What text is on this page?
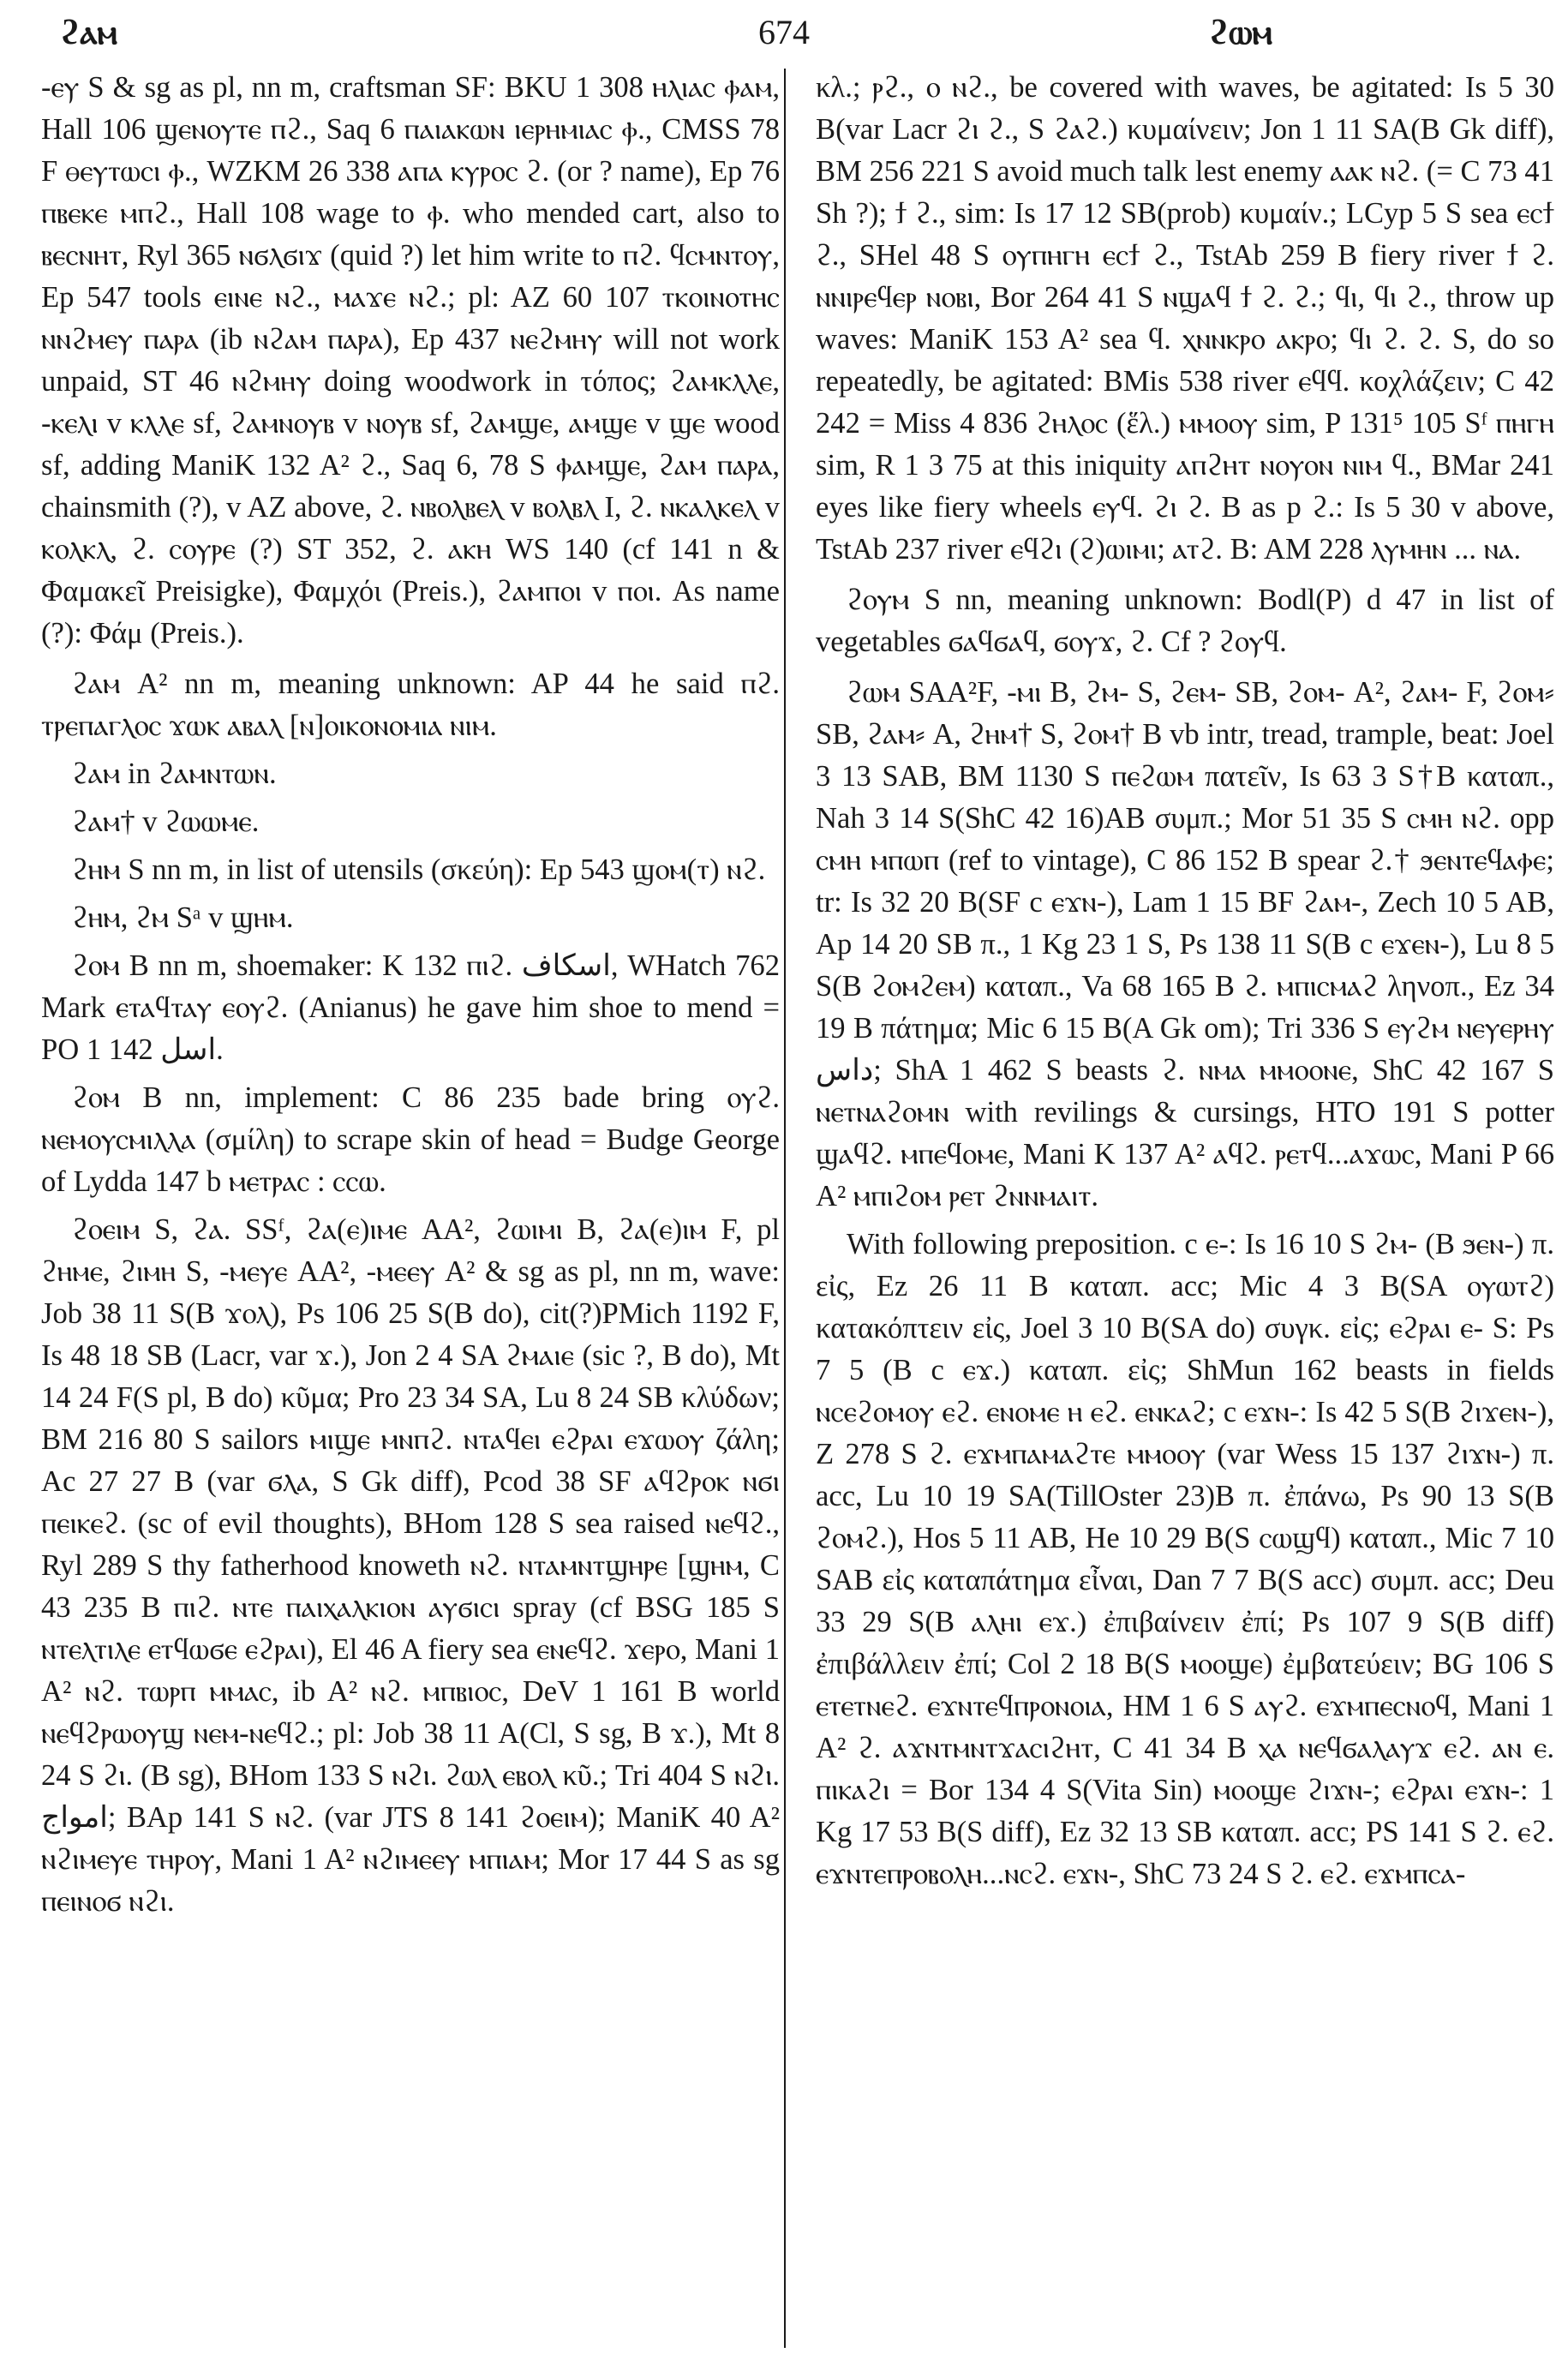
ϩⲁⲙ	674	ϩⲱⲙ

-ⲉⲩ S & sg as pl, nn m, craftsman SF: BKU 1 308 ⲏⲗⲓⲁⲥ ⲫⲁⲙ, Hall 106 ϣⲉⲛⲟⲩⲧⲉ ⲡϩ., Saq 6 ⲡⲁⲓⲁⲕⲱⲛ ⲓⲉⲣⲏⲙⲓⲁⲥ ⲫ., CMSS 78 F ⲑⲉⲩⲧⲱⲥⲓ ⲫ., WZKM 26 338 ⲁⲡⲁ ⲕⲩⲣⲟⲥ ϩ. (or ? name), Ep 76 ⲡⲃⲉⲕⲉ ⲙⲡϩ., Hall 108 wage to ⲫ. who mended cart, also to ⲃⲉⲥⲛⲏⲧ, Ryl 365 ⲛϭⲗϭⲓϫ (quid ?) let him write to ⲡϩ. ϥⲥⲙⲛⲧⲟⲩ, Ep 547 tools ⲉⲓⲛⲉ ⲛϩ., ⲙⲁϫⲉ ⲛϩ.; pl: AZ 60 107 ⲧⲕⲟⲓⲛⲟⲧⲏⲥ ⲛⲛϩⲙⲉⲩ ⲡⲁⲣⲁ (ib ⲛϩⲁⲙ ⲡⲁⲣⲁ), Ep 437 ⲛⲉϩⲙⲏⲩ will not work unpaid, ST 46 ⲛϩⲙⲏⲩ doing woodwork in τόπος; ϩⲁⲙⲕⲗⲗⲉ, -ⲕⲉⲗⲓ v ⲕⲗⲗⲉ sf, ϩⲁⲙⲛⲟⲩⲃ v ⲛⲟⲩⲃ sf, ϩⲁⲙϣⲉ, ⲁⲙϣⲉ v ϣⲉ wood sf, adding ManiK 132 A² ϩ., Saq 6, 78 S ⲫⲁⲙϣⲉ, ϩⲁⲙ ⲡⲁⲣⲁ, chainsmith (?), v AZ above, ϩ. ⲛⲃⲟⲗⲃⲉⲗ v ⲃⲟⲗⲃⲗ I, ϩ. ⲛⲕⲁⲗⲕⲉⲗ v ⲕⲟⲗⲕⲗ, ϩ. ⲥⲟⲩⲣⲉ (?) ST 352, ϩ. ⲁⲕⲏ WS 140 (cf 141 n & Φαμακεῖ Preisigke), Φαμχόι (Preis.), ϩⲁⲙⲡⲟⲓ v ⲡⲟⲓ. As name (?): Φάμ (Preis.).

ϩⲁⲙ A² nn m, meaning unknown: AP 44 he said ⲡϩ. ⲧⲣⲉⲡⲁⲅⲗⲟⲥ ϫⲱⲕ ⲁⲃⲁⲗ [ⲛ]ⲟⲓⲕⲟⲛⲟⲙⲓⲁ ⲛⲓⲙ.

ϩⲁⲙ in ϩⲁⲙⲛⲧⲱⲛ.

ϩⲁⲙ† v ϩⲱⲱⲙⲉ.

ϩⲏⲙ S nn m, in list of utensils (σκεύη): Ep 543 ϣⲟⲙ(ⲧ) ⲛϩ.

ϩⲏⲙ, ϩⲙ Sᵃ v ϣⲏⲙ.

ϩⲟⲙ B nn m, shoemaker: K 132 ⲡⲓϩ. اسكاف, WHatch 762 Mark ⲉⲧⲁϥⲧⲁⲩ ⲉⲟⲩϩ. (Anianus) he gave him shoe to mend = PO 1 142 اسل.

ϩⲟⲙ B nn, implement: C 86 235 bade bring ⲟⲩϩ. ⲛⲉⲙⲟⲩⲥⲙⲓⲗⲗⲁ (σμίλη) to scrape skin of head = Budge George of Lydda 147 b ⲙⲉⲧⲣⲁⲥ : ⲥⲥⲱ.

ϩⲟⲉⲓⲙ S, ϩⲁ. SSᶠ, ϩⲁ(ⲉ)ⲓⲙⲉ AA², ϩⲱⲓⲙⲓ B, ϩⲁ(ⲉ)ⲓⲙ F, pl ϩⲏⲙⲉ, ϩⲓⲙⲏ S, -ⲙⲉⲩⲉ AA², -ⲙⲉⲉⲩ A² & sg as pl, nn m, wave: Job 38 11 S(B ϫⲟⲗ), Ps 106 25 S(B do), cit(?)PMich 1192 F, Is 48 18 SB (Lacr, var ϫ.), Jon 2 4 SA ϩⲙⲁⲓⲉ (sic ?, B do), Mt 14 24 F(S pl, B do) κῦμα; Pro 23 34 SA, Lu 8 24 SB κλύδων; BM 216 80 S sailors ⲙⲓϣⲉ ⲙⲛⲡϩ. ⲛⲧⲁϥⲉⲓ ⲉϩⲣⲁⲓ ⲉϫⲱⲟⲩ ζάλη; Ac 27 27 B (var ϭⲗⲁ, S Gk diff), Pcod 38 SF ⲁϥϩⲣⲟⲕ ⲛϭⲓ ⲡⲉⲓⲕⲉϩ. (sc of evil thoughts), BHom 128 S sea raised ⲛⲉϥϩ., Ryl 289 S thy fatherhood knoweth ⲛϩ. ⲛⲧⲁⲙⲛⲧϣⲏⲣⲉ [ϣⲏⲙ, C 43 235 B ⲡⲓϩ. ⲛⲧⲉ ⲡⲁⲓⲭⲁⲗⲕⲓⲟⲛ ⲁⲩϭⲓⲥⲓ spray (cf BSG 185 S ⲛⲧⲉⲗⲧⲓⲗⲉ ⲉⲧϥⲱϭⲉ ⲉϩⲣⲁⲓ), El 46 A fiery sea ⲉⲛⲉϥϩ. ϫⲉⲣⲟ, Mani 1 A² ⲛϩ. ⲧⲱⲣⲡ ⲙⲙⲁⲥ, ib A² ⲛϩ. ⲙⲡⲃⲓⲟⲥ, DeV 1 161 B world ⲛⲉϥϩⲣⲱⲟⲩϣ ⲛⲉⲙ-ⲛⲉϥϩ.; pl: Job 38 11 A(Cl, S sg, B ϫ.), Mt 8 24 S ϩⲓ. (B sg), BHom 133 S ⲛϩⲓ. ϩⲱⲗ ⲉⲃⲟⲗ κῦ.; Tri 404 S ⲛϩⲓ. امواج; BAp 141 S ⲛϩ. (var JTS 8 141 ϩⲟⲉⲓⲙ); ManiK 40 A² ⲛϩⲓⲙⲉⲩⲉ ⲧⲏⲣⲟⲩ, Mani 1 A² ⲛϩⲓⲙⲉⲉⲩ ⲙⲡⲓⲁⲙ; Mor 17 44 S as sg ⲡⲉⲓⲛⲟϭ ⲛϩⲓ.

κλ.; ⲣϩ., ⲟ ⲛϩ., be covered with waves, be agitated: Is 5 30 B(var Lacr ϩⲓ ϩ., S ϩⲁϩ.) κυμαίνειν; Jon 1 11 SA(B Gk diff), BM 256 221 S avoid much talk lest enemy ⲁⲁⲕ ⲛϩ. (= C 73 41 Sh ?); ϯ ϩ., sim: Is 17 12 SB(prob) κυμαίν.; LCyp 5 S sea ⲉⲥϯ ϩ., SHel 48 S ⲟⲩⲡⲏⲅⲏ ⲉⲥϯ ϩ., TstAb 259 B fiery river ϯ ϩ. ⲛⲛⲓⲣⲉϥⲉⲣ ⲛⲟⲃⲓ, Bor 264 41 S ⲛϣⲁϥ ϯ ϩ. ϩ.; ϥⲓ, ϥⲓ ϩ., throw up waves: ManiK 153 A² sea ϥ. ⲭⲛⲛⲕⲣⲟ ⲁⲕⲣⲟ; ϥⲓ ϩ. ϩ. S, do so repeatedly, be agitated: BMis 538 river ⲉϥϥ. κοχλάζειν; C 42 242 = Miss 4 836 ϩⲏⲗⲟⲥ (ἕλ.) ⲙⲙⲟⲟⲩ sim, P 131⁵ 105 Sᶠ ⲡⲏⲅⲏ sim, R 1 3 75 at this iniquity ⲁⲡϩⲏⲧ ⲛⲟⲩⲟⲛ ⲛⲓⲙ ϥ., BMar 241 eyes like fiery wheels ⲉⲩϥ. ϩⲓ ϩ. B as p ϩ.: Is 5 30 v above, TstAb 237 river ⲉϥϩⲓ (ϩ)ⲱⲓⲙⲓ; ⲁⲧϩ. B: AM 228 ⲗⲩⲙⲏⲛ ... ⲛⲁ.

ϩⲟⲩⲙ S nn, meaning unknown: Bodl(P) d 47 in list of vegetables ϭⲁϥϭⲁϥ, ϭⲟⲩϫ, ϩ. Cf ? ϩⲟⲩϥ.

ϩⲱⲙ SAA²F, -ⲙⲓ B, ϩⲙ- S, ϩⲉⲙ- SB, ϩⲟⲙ- A², ϩⲁⲙ- F, ϩⲟⲙ⸗ SB, ϩⲁⲙ⸗ A, ϩⲏⲙ† S, ϩⲟⲙ† B vb intr, tread, trample, beat: Joel 3 13 SAB, BM 1130 S ⲡⲉϩⲱⲙ πατεῖν, Is 63 3 S†B καταπ., Nah 3 14 S(ShC 42 16)AB συμπ.; Mor 51 35 S ⲥⲙⲏ ⲛϩ. opp ⲥⲙⲏ ⲙⲡⲱⲡ (ref to vintage), C 86 152 B spear ϩ.† ϧⲉⲛⲧⲉϥⲁⲫⲉ; tr: Is 32 20 B(SF c ⲉϫⲛ-), Lam 1 15 BF ϩⲁⲙ-, Zech 10 5 AB, Ap 14 20 SB π., 1 Kg 23 1 S, Ps 138 11 S(B c ⲉϫⲉⲛ-), Lu 8 5 S(B ϩⲟⲙϩⲉⲙ) καταπ., Va 68 165 B ϩ. ⲙⲡⲓⲥⲙⲁϩ ληνοπ., Ez 34 19 B πάτημα; Mic 6 15 B(A Gk om); Tri 336 S ⲉⲩϩⲙ ⲛⲉⲩⲉⲣⲏⲩ داس; ShA 1 462 S beasts ϩ. ⲛⲙⲁ ⲙⲙⲟⲟⲛⲉ, ShC 42 167 S ⲛⲉⲧⲛⲁϩⲟⲙⲛ with revilings & cursings, HTO 191 S potter ϣⲁϥϩ. ⲙⲡⲉϥⲟⲙⲉ, Mani K 137 A² ⲁϥϩ. ⲣⲉⲧϥ...ⲁϫⲱⲥ, Mani P 66 A² ⲙⲡⲓϩⲟⲙ ⲣⲉⲧ ϩⲛⲛⲙⲁⲓⲧ.

With following preposition. c ⲉ-: Is 16 10 S ϩⲙ- (B ϧⲉⲛ-) π. εἰς, Ez 26 11 B καταπ. acc; Mic 4 3 B(SA ⲟⲩⲱⲧϩ) κατακόπτειν εἰς, Joel 3 10 B(SA do) συγκ. εἰς; ⲉϩⲣⲁⲓ ⲉ- S: Ps 7 5 (B c ⲉϫ.) καταπ. εἰς; ShMun 162 beasts in fields ⲛⲥⲉϩⲟⲙⲟⲩ ⲉϩ. ⲉⲛⲟⲙⲉ ⲏ ⲉϩ. ⲉⲛⲕⲁϩ; c ⲉϫⲛ-: Is 42 5 S(B ϩⲓϫⲉⲛ-), Z 278 S ϩ. ⲉϫⲙⲡⲁⲙⲁϩⲧⲉ ⲙⲙⲟⲟⲩ (var Wess 15 137 ϩⲓϫⲛ-) π. acc, Lu 10 19 SA(TillOster 23)B π. ἐπάνω, Ps 90 13 S(B ϩⲟⲙϩ.), Hos 5 11 AB, He 10 29 B(S ⲥⲱϣϥ) καταπ., Mic 7 10 SAB εἰς καταπάτημα εἶναι, Dan 7 7 B(S acc) συμπ. acc; Deu 33 29 S(B ⲁⲗⲏⲓ ⲉϫ.) ἐπιβαίνειν ἐπί; Ps 107 9 S(B diff) ἐπιβάλλειν ἐπί; Col 2 18 B(S ⲙⲟⲟϣⲉ) ἐμβατεύειν; BG 106 S ⲉⲧⲉⲧⲛⲉϩ. ⲉϫⲛⲧⲉϥⲡⲣⲟⲛⲟⲓⲁ, HM 1 6 S ⲁⲩϩ. ⲉϫⲙⲡⲉⲥⲛⲟϥ, Mani 1 A² ϩ. ⲁϫⲛⲧⲙⲛⲧϫⲁⲥⲓϩⲏⲧ, C 41 34 B ⲭⲁ ⲛⲉϥϭⲁⲗⲁⲩϫ ⲉϩ. ⲁⲛ ⲉ. ⲡⲓⲕⲁϩⲓ = Bor 134 4 S(Vita Sin) ⲙⲟⲟϣⲉ ϩⲓϫⲛ-; ⲉϩⲣⲁⲓ ⲉϫⲛ-: 1 Kg 17 53 B(S diff), Ez 32 13 SB καταπ. acc; PS 141 S ϩ. ⲉϩ. ⲉϫⲛⲧⲉⲡⲣⲟⲃⲟⲗⲏ...ⲛⲥϩ. ⲉϫⲛ-, ShC 73 24 S ϩ. ⲉϩ. ⲉϫⲙⲡⲥⲁ-
